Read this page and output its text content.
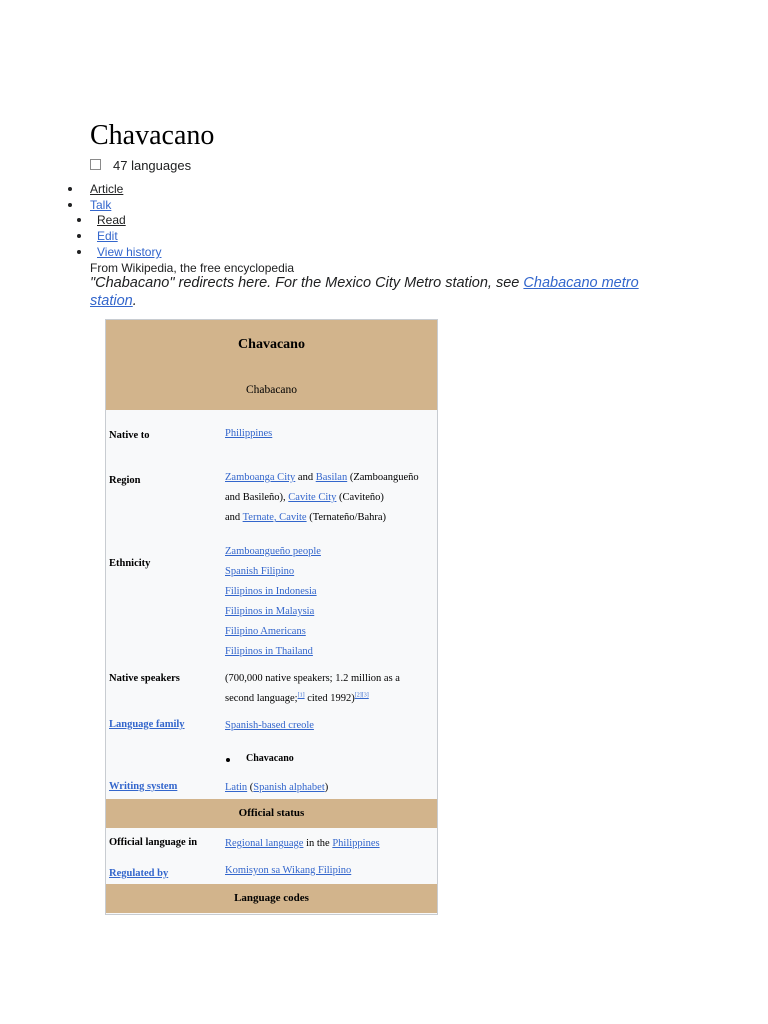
Chavacano
47 languages
Article
Talk
Read
Edit
View history
From Wikipedia, the free encyclopedia
"Chabacano" redirects here. For the Mexico City Metro station, see Chabacano metro station.
Chavacano
Chabacano
Native to	Philippines
Region	Zamboanga City and Basilan (Zamboangueño
and Basileño), Cavite City (Caviteño)
and Ternate, Cavite (Ternateño/Bahra)
Ethnicity
Zamboangueño people
Spanish Filipino
Filipinos in Indonesia
Filipinos in Malaysia
Filipino Americans
Filipinos in Thailand
Native speakers	(700,000 native speakers; 1.2 million as a
second language;[1] cited 1992)[2][3]
Language family	Spanish-based creole
Chavacano
Writing system	Latin (Spanish alphabet)
Official status
Official language in	Regional language in the Philippines
Regulated by	Komisyon sa Wikang Filipino
Language codes
